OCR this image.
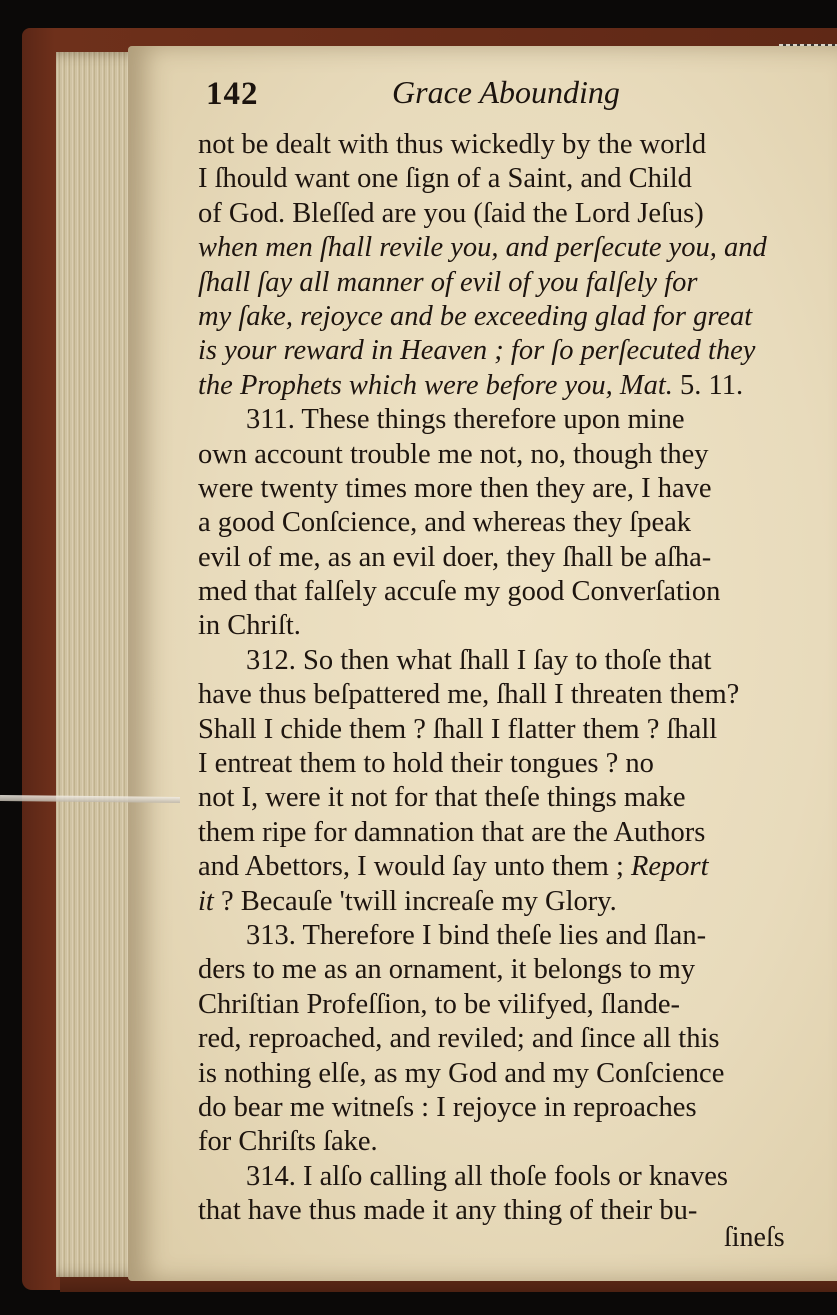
142	Grace Abounding
not be dealt with thus wickedly by the world
I ſhould want one ſign of a Saint, and Child
of God. Bleſſed are you (ſaid the Lord Jeſus)
when men ſhall revile you, and perſecute you, and
ſhall ſay all manner of evil of you falſely for
my ſake, rejoyce and be exceeding glad for great
is your reward in Heaven ; for ſo perſecuted they
the Prophets which were before you, Mat. 5. 11.
311. These things therefore upon mine
own account trouble me not, no, though they
were twenty times more then they are, I have
a good Conſcience, and whereas they ſpeak
evil of me, as an evil doer, they ſhall be aſha-
med that falſely accuſe my good Converſation
in Chriſt.
312. So then what ſhall I ſay to thoſe that
have thus beſpattered me, ſhall I threaten them?
Shall I chide them ? ſhall I flatter them ? ſhall
I entreat them to hold their tongues ? no
not I, were it not for that theſe things make
them ripe for damnation that are the Authors
and Abettors, I would ſay unto them ; Report
it ? Becauſe 'twill increaſe my Glory.
313. Therefore I bind theſe lies and ſlan-
ders to me as an ornament, it belongs to my
Chriſtian Profeſſion, to be vilifyed, ſlande-
red, reproached, and reviled; and ſince all this
is nothing elſe, as my God and my Conſcience
do bear me witneſs : I rejoyce in reproaches
for Chriſts ſake.
314. I alſo calling all thoſe fools or knaves
that have thus made it any thing of their bu-
ſineſs
